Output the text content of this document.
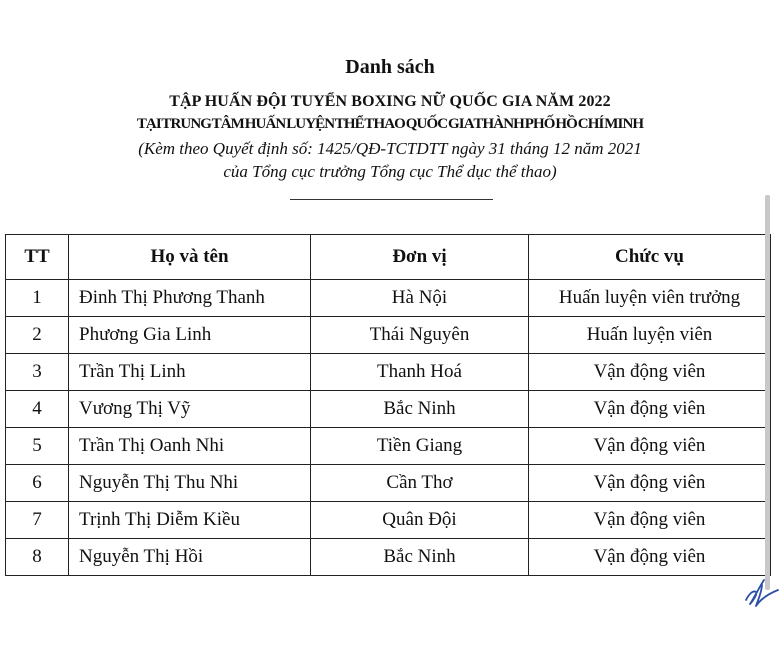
Danh sách
TẬP HUẤN ĐỘI TUYỂN BOXING NỮ QUỐC GIA NĂM 2022
TẠI TRUNG TÂM HUẤN LUYỆN THỂ THAO QUỐC GIA THÀNH PHỐ HỒ CHÍ MINH
(Kèm theo Quyết định số: 1425/QĐ-TCTDTT ngày 31 tháng 12 năm 2021
của Tổng cục trưởng Tổng cục Thể dục thể thao)
TT	Họ và tên	Đơn vị	Chức vụ
1	Đinh Thị Phương Thanh	Hà Nội	Huấn luyện viên trưởng
2	Phương Gia Linh	Thái Nguyên	Huấn luyện viên
3	Trần Thị Linh	Thanh Hoá	Vận động viên
4	Vương Thị Vỹ	Bắc Ninh	Vận động viên
5	Trần Thị Oanh Nhi	Tiền Giang	Vận động viên
6	Nguyễn Thị Thu Nhi	Cần Thơ	Vận động viên
7	Trịnh Thị Diễm Kiều	Quân Đội	Vận động viên
8	Nguyễn Thị Hồi	Bắc Ninh	Vận động viên
